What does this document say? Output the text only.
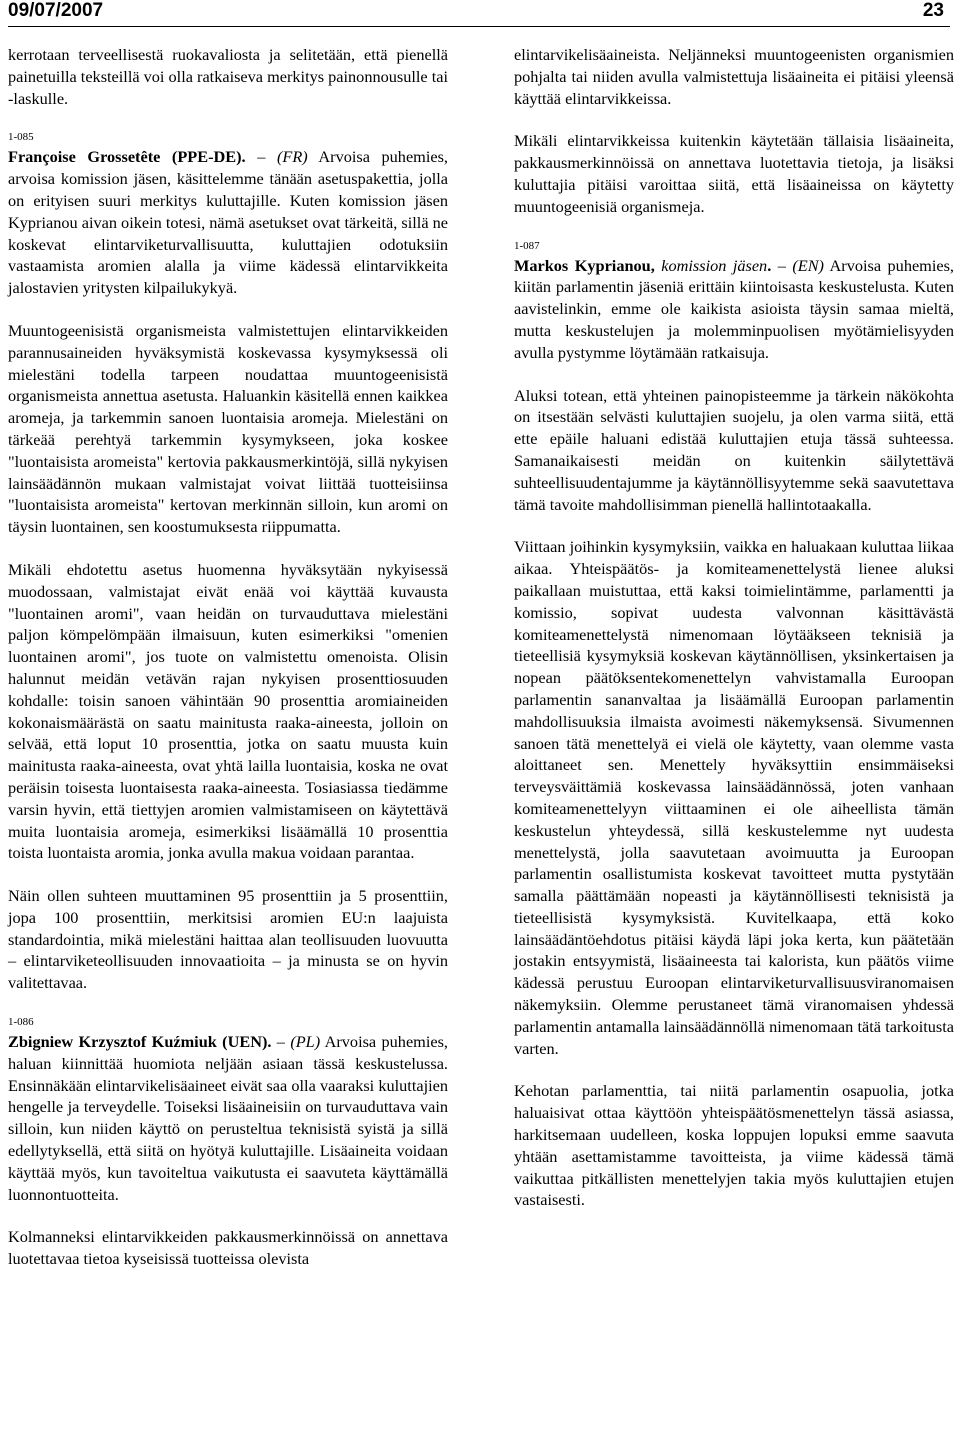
09/07/2007	23

kerrotaan terveellisestä ruokavaliosta ja selitetään, että pienellä painetuilla teksteillä voi olla ratkaiseva merkitys painonnousulle tai -laskulle.

1-085

Françoise Grossetête (PPE-DE). – (FR) Arvoisa puhemies, arvoisa komission jäsen, käsittelemme tänään asetuspakettia, jolla on erityisen suuri merkitys kuluttajille. Kuten komission jäsen Kyprianou aivan oikein totesi, nämä asetukset ovat tärkeitä, sillä ne koskevat elintarviketurvallisuutta, kuluttajien odotuksiin vastaamista aromien alalla ja viime kädessä elintarvikkeita jalostavien yritysten kilpailukykyä.

Muuntogeenisistä organismeista valmistettujen elintarvikkeiden parannusaineiden hyväksymistä koskevassa kysymyksessä oli mielestäni todella tarpeen noudattaa muuntogeenisistä organismeista annettua asetusta. Haluankin käsitellä ennen kaikkea aromeja, ja tarkemmin sanoen luontaisia aromeja. Mielestäni on tärkeää perehtyä tarkemmin kysymykseen, joka koskee "luontaisista aromeista" kertovia pakkausmerkintöjä, sillä nykyisen lainsäädännön mukaan valmistajat voivat liittää tuotteisiinsa "luontaisista aromeista" kertovan merkinnän silloin, kun aromi on täysin luontainen, sen koostumuksesta riippumatta.

Mikäli ehdotettu asetus huomenna hyväksytään nykyisessä muodossaan, valmistajat eivät enää voi käyttää kuvausta "luontainen aromi", vaan heidän on turvauduttava mielestäni paljon kömpelömpään ilmaisuun, kuten esimerkiksi "omenien luontainen aromi", jos tuote on valmistettu omenoista. Olisin halunnut meidän vetävän rajan nykyisen prosenttiosuuden kohdalle: toisin sanoen vähintään 90 prosenttia aromiaineiden kokonaismäärästä on saatu mainitusta raaka-aineesta, jolloin on selvää, että loput 10 prosenttia, jotka on saatu muusta kuin mainitusta raaka-aineesta, ovat yhtä lailla luontaisia, koska ne ovat peräisin toisesta luontaisesta raaka-aineesta. Tosiasiassa tiedämme varsin hyvin, että tiettyjen aromien valmistamiseen on käytettävä muita luontaisia aromeja, esimerkiksi lisäämällä 10 prosenttia toista luontaista aromia, jonka avulla makua voidaan parantaa.

Näin ollen suhteen muuttaminen 95 prosenttiin ja 5 prosenttiin, jopa 100 prosenttiin, merkitsisi aromien EU:n laajuista standardointia, mikä mielestäni haittaa alan teollisuuden luovuutta – elintarviketeollisuuden innovaatioita – ja minusta se on hyvin valitettavaa.

1-086

Zbigniew Krzysztof Kuźmiuk (UEN). – (PL) Arvoisa puhemies, haluan kiinnittää huomiota neljään asiaan tässä keskustelussa. Ensinnäkään elintarvikelisäaineet eivät saa olla vaaraksi kuluttajien hengelle ja terveydelle. Toiseksi lisäaineisiin on turvauduttava vain silloin, kun niiden käyttö on perusteltua teknisistä syistä ja sillä edellytyksellä, että siitä on hyötyä kuluttajille. Lisäaineita voidaan käyttää myös, kun tavoiteltua vaikutusta ei saavuteta käyttämällä luonnontuotteita.

Kolmanneksi elintarvikkeiden pakkausmerkinnöissä on annettava luotettavaa tietoa kyseisissä tuotteissa olevista

elintarvikelisäaineista. Neljänneksi muuntogeenisten organismien pohjalta tai niiden avulla valmistettuja lisäaineita ei pitäisi yleensä käyttää elintarvikkeissa.

Mikäli elintarvikkeissa kuitenkin käytetään tällaisia lisäaineita, pakkausmerkinnöissä on annettava luotettavia tietoja, ja lisäksi kuluttajia pitäisi varoittaa siitä, että lisäaineissa on käytetty muuntogeenisiä organismeja.

1-087

Markos Kyprianou, komission jäsen. – (EN) Arvoisa puhemies, kiitän parlamentin jäseniä erittäin kiintoisasta keskustelusta. Kuten aavistelinkin, emme ole kaikista asioista täysin samaa mieltä, mutta keskustelujen ja molemminpuolisen myötämielisyyden avulla pystymme löytämään ratkaisuja.

Aluksi totean, että yhteinen painopisteemme ja tärkein näkökohta on itsestään selvästi kuluttajien suojelu, ja olen varma siitä, että ette epäile haluani edistää kuluttajien etuja tässä suhteessa. Samanaikaisesti meidän on kuitenkin säilytettävä suhteellisuudentajumme ja käytännöllisyytemme sekä saavutettava tämä tavoite mahdollisimman pienellä hallintotaakalla.

Viittaan joihinkin kysymyksiin, vaikka en haluakaan kuluttaa liikaa aikaa. Yhteispäätös- ja komiteamenettelystä lienee aluksi paikallaan muistuttaa, että kaksi toimielintämme, parlamentti ja komissio, sopivat uudesta valvonnan käsittävästä komiteamenettelystä nimenomaan löytääkseen teknisiä ja tieteellisiä kysymyksiä koskevan käytännöllisen, yksinkertaisen ja nopean päätöksentekomenettelyn vahvistamalla Euroopan parlamentin sananvaltaa ja lisäämällä Euroopan parlamentin mahdollisuuksia ilmaista avoimesti näkemyksensä. Sivumennen sanoen tätä menettelyä ei vielä ole käytetty, vaan olemme vasta aloittaneet sen. Menettely hyväksyttiin ensimmäiseksi terveysväittämiä koskevassa lainsäädännössä, joten vanhaan komiteamenettelyyn viittaaminen ei ole aiheellista tämän keskustelun yhteydessä, sillä keskustelemme nyt uudesta menettelystä, jolla saavutetaan avoimuutta ja Euroopan parlamentin osallistumista koskevat tavoitteet mutta pystytään samalla päättämään nopeasti ja käytännöllisesti teknisistä ja tieteellisistä kysymyksistä. Kuvitelkaapa, että koko lainsäädäntöehdotus pitäisi käydä läpi joka kerta, kun päätetään jostakin entsyymistä, lisäaineesta tai kalorista, kun päätös viime kädessä perustuu Euroopan elintarviketurvallisuusviranomaisen näkemyksiin. Olemme perustaneet tämä viranomaisen yhdessä parlamentin antamalla lainsäädännöllä nimenomaan tätä tarkoitusta varten.

Kehotan parlamenttia, tai niitä parlamentin osapuolia, jotka haluaisivat ottaa käyttöön yhteispäätösmenettelyn tässä asiassa, harkitsemaan uudelleen, koska loppujen lopuksi emme saavuta yhtään asettamistamme tavoitteista, ja viime kädessä tämä vaikuttaa pitkällisten menettelyjen takia myös kuluttajien etujen vastaisesti.
